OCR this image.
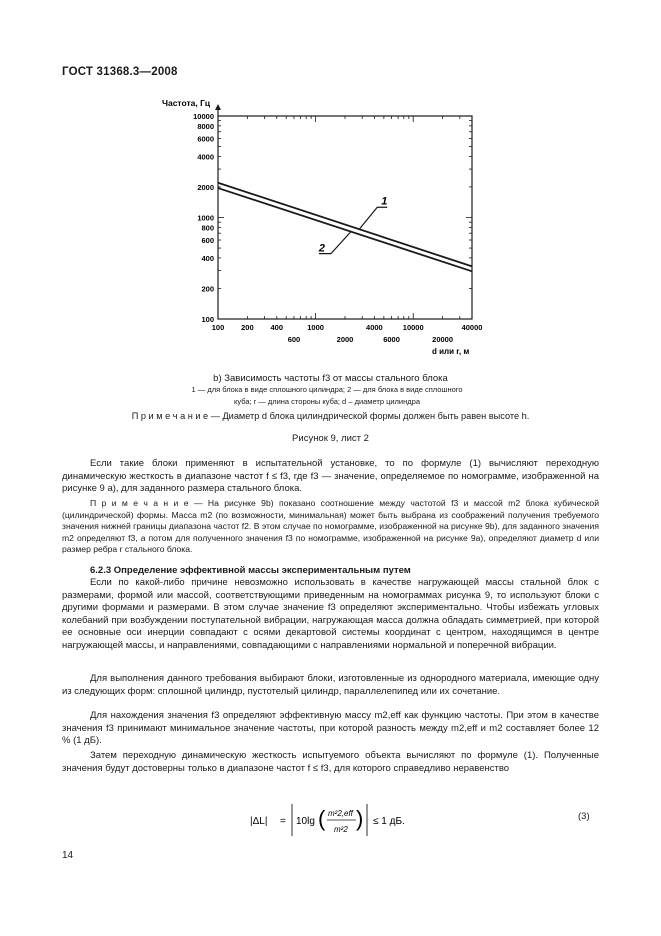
ГОСТ 31368.3—2008
100
200
400
600
800
1000
2000
4000
6000
8000
10000
100 200 400	1000	4000	10000	40000
600	2000	6000	20000
1
2
Частота, Гц
d или r, м
b) Зависимость частоты f3 от массы стального блока
1 — для блока в виде сплошного цилиндра; 2 — для блока в виде сплошного
куба; r — длина стороны куба; d – диаметр цилиндра
П р и м е ч а н и е — Диаметр d блока цилиндрической формы должен быть равен высоте h.
Рисунок 9, лист 2
Если такие блоки применяют в испытательной установке, то по формуле (1) вычисляют переходную динамическую жесткость в диапазоне частот f ≤ f3, где f3 — значение, определяемое по номограмме, изображенной на рисунке 9 а), для заданного размера стального блока.
П р и м е ч а н и е — На рисунке 9b) показано соотношение между частотой f3 и массой m2 блока кубической (цилиндрической) формы. Масса m2 (по возможности, минимальная) может быть выбрана из соображений получения требуемого значения нижней границы диапазона частот f2. В этом случае по номограмме, изображенной на рисунке 9b), для заданного значения m2 определяют f3, а потом для полученного значения f3 по номограмме, изображенной на рисунке 9а), определяют диаметр d или размер ребра r стального блока.
6.2.3 Определение эффективной массы экспериментальным путем
Если по какой-либо причине невозможно использовать в качестве нагружающей массы стальной блок с размерами, формой или массой, соответствующими приведенным на номограммах рисунка 9, то используют блоки с другими формами и размерами. В этом случае значение f3 определяют экспериментально. Чтобы избежать угловых колебаний при возбуждении поступательной вибрации, нагружающая масса должна обладать симметрией, при которой ее основные оси инерции совпадают с осями декартовой системы координат с центром, находящимся в центре нагружающей массы, и направлениями, совпадающими с направлениями нормальной и поперечной вибрации.
Для выполнения данного требования выбирают блоки, изготовленные из однородного материала, имеющие одну из следующих форм: сплошной цилиндр, пустотелый цилиндр, параллелепипед или их сочетание.
Для нахождения значения f3 определяют эффективную массу m2,eff как функцию частоты. При этом в качестве значения f3 принимают минимальное значение частоты, при которой разность между m2,eff и m2 составляет более 12 % (1 дБ).
Затем переходную динамическую жесткость испытуемого объекта вычисляют по формуле (1). Полученные значения будут достоверны только в диапазоне частот f ≤ f3, для которого справедливо неравенство
|ΔL| = 10lg ( m²2,eff
m²2 ) ≤ 1 дБ.	(3)
14
